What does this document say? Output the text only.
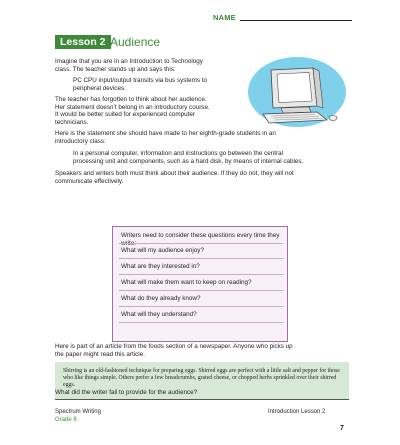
NAME
Lesson 2 Audience
Imagine that you are in an Introduction to Technology
class. The teacher stands up and says this:
PC CPU input/output transits via bus systems to
peripheral devices.
The teacher has forgotten to think about her audience.
Her statement doesn’t belong in an introductory course.
It would be better suited for experienced computer
technicians.
Here is the statement she should have made to her eighth-grade students in an
introductory class:
In a personal computer, information and instructions go between the central
processing unit and components, such as a hard disk, by means of internal cables.
Speakers and writers both must think about their audience. If they do not, they will not
communicate effectively.
Writers need to consider these questions every time they write:
What will my audience enjoy?
What are they interested in?
What will make them want to keep on reading?
What do they already know?
What will they understand?
Here is part of an article from the foods section of a newspaper. Anyone who picks up
the paper might read this article.
Shirring is an old-fashioned technique for preparing eggs. Shirred eggs are perfect with a little salt and pepper for those who like things simple. Others prefer a few breadcrumbs, grated cheese, or chopped herbs sprinkled over their shirred eggs.
What did the writer fail to provide for the audience?
Spectrum Writing
Grade 8
Introduction Lesson 2
7
